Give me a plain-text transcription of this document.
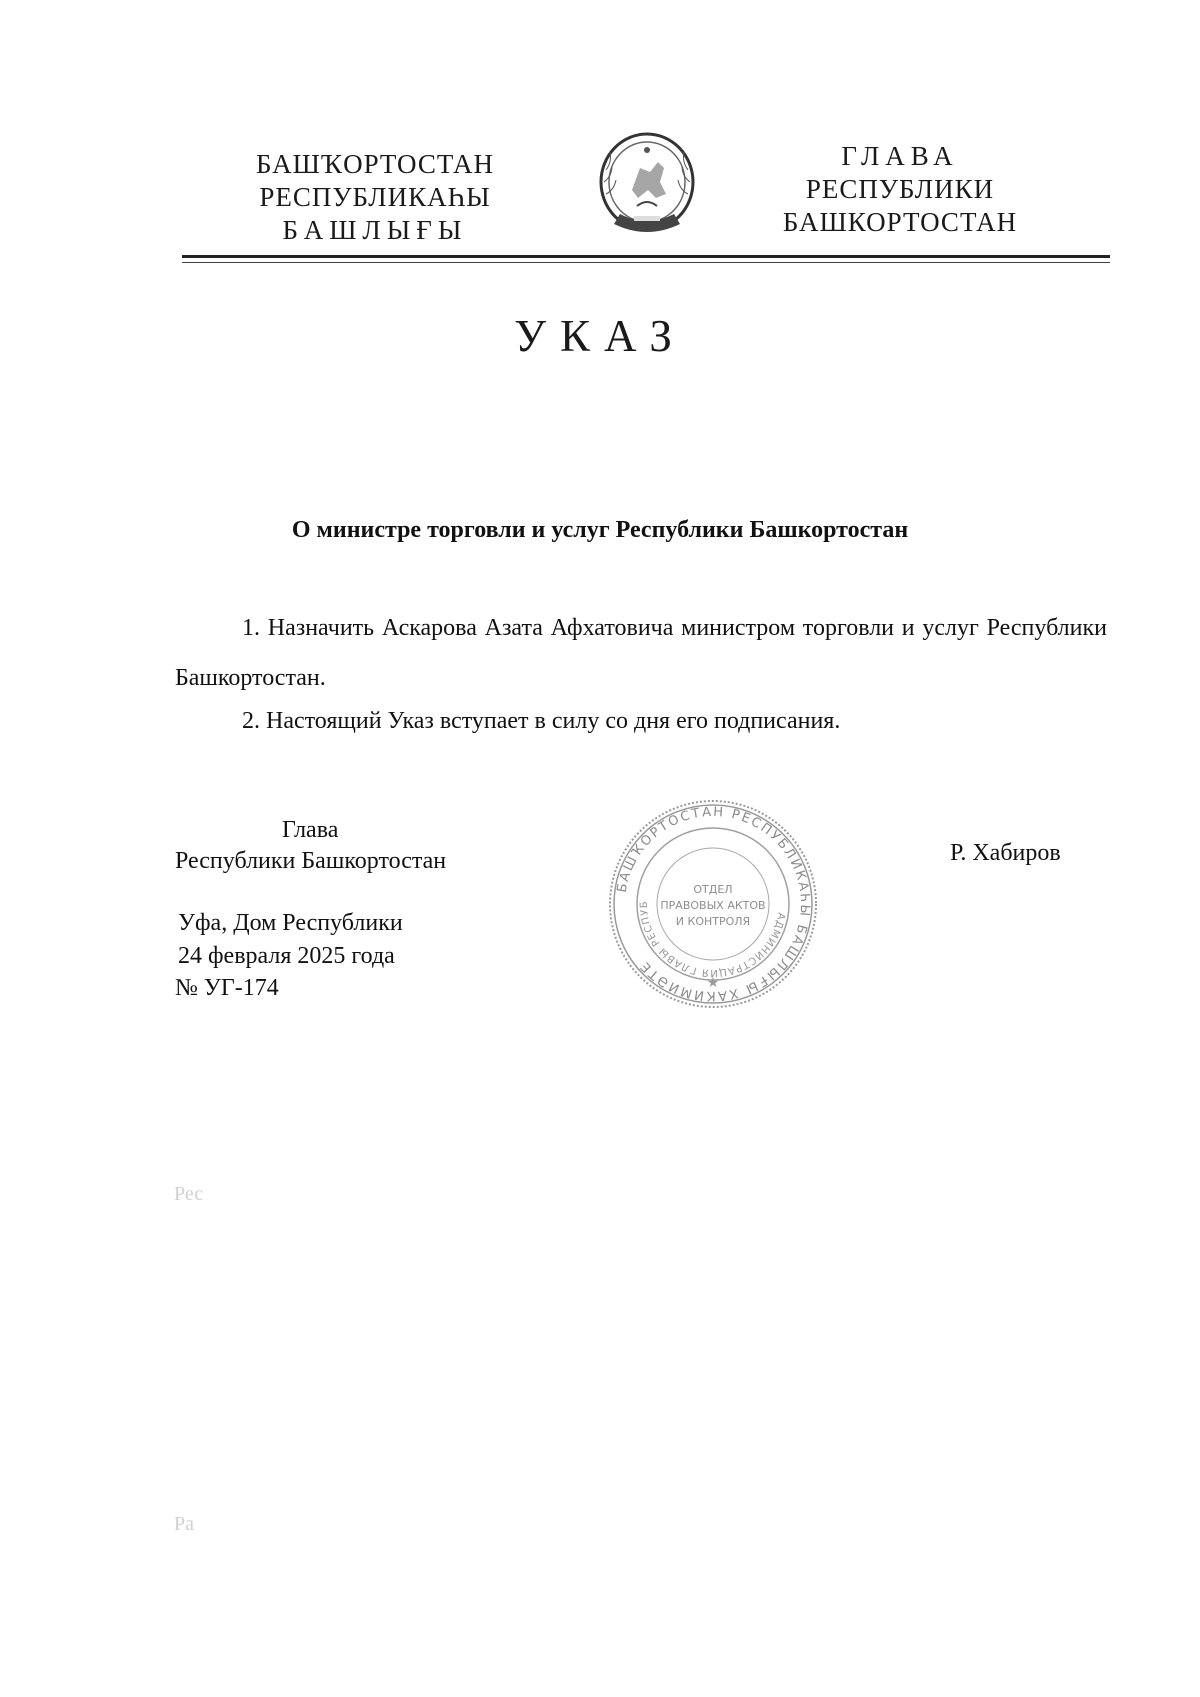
БАШҠОРТОСТАН
РЕСПУБЛИКАҺЫ
БАШЛЫҒЫ
ГЛАВА
РЕСПУБЛИКИ
БАШКОРТОСТАН
УКАЗ
О министре торговли и услуг Республики Башкортостан
1. Назначить Аскарова Азата Афхатовича министром торговли и услуг Республики Башкортостан.
2. Настоящий Указ вступает в силу со дня его подписания.
Глава
Республики Башкортостан	Р. Хабиров
БАШҠОРТОСТАН РЕСПУБЛИКАҺЫ БАШЛЫҒЫ ХАКИМИӘТЕ
АДМИНИСТРАЦИЯ ГЛАВЫ РЕСПУБ
ОТДЕЛ
ПРАВОВЫХ АКТОВ
И КОНТРОЛЯ
★
Уфа, Дом Республики
24 февраля 2025 года
№ УГ-174
Рес
Ра
